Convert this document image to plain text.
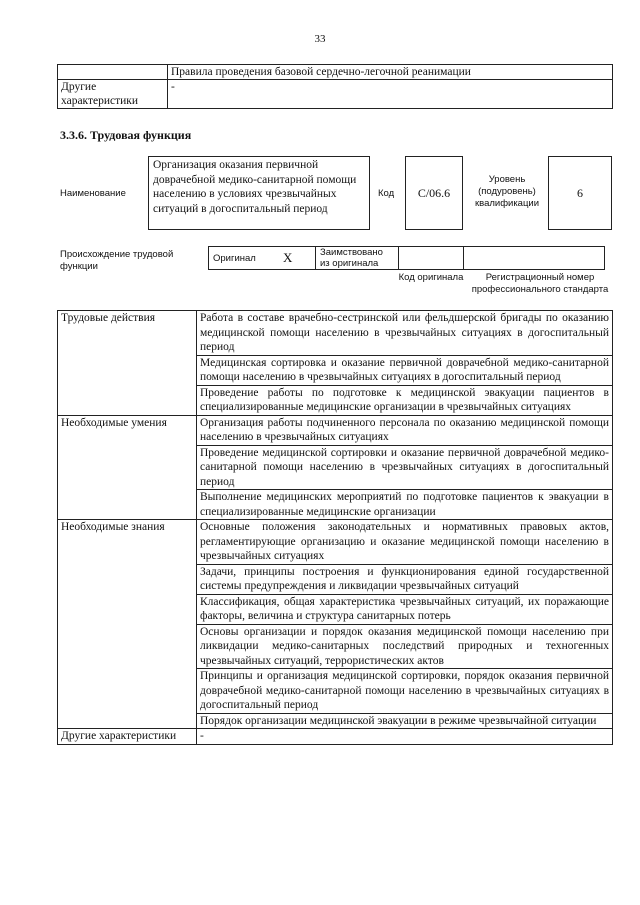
33
	Правила проведения базовой сердечно-легочной реанимации
Другие характеристики	-
3.3.6. Трудовая функция
Наименование
Организация оказания первичной доврачебной медико-санитарной помощи населению в условиях чрезвычайных ситуаций в догоспитальный период
Код	C/06.6
Уровень (подуровень) квалификации
6
Происхождение трудовой функции
Оригинал	X	Заимствовано из оригинала		
Код оригинала	Регистрационный номер профессионального стандарта
Трудовые действия	Работа в составе врачебно-сестринской или фельдшерской бригады по оказанию медицинской помощи населению в чрезвычайных ситуациях в догоспитальный период
	Медицинская сортировка и оказание первичной доврачебной медико-санитарной помощи населению в чрезвычайных ситуациях в догоспитальный период
	Проведение работы по подготовке к медицинской эвакуации пациентов в специализированные медицинские организации в чрезвычайных ситуациях
Необходимые умения	Организация работы подчиненного персонала по оказанию медицинской помощи населению в чрезвычайных ситуациях
	Проведение медицинской сортировки и оказание первичной доврачебной медико-санитарной помощи населению в чрезвычайных ситуациях в догоспитальный период
	Выполнение медицинских мероприятий по подготовке пациентов к эвакуации в специализированные медицинские организации
Необходимые знания	Основные положения законодательных и нормативных правовых актов, регламентирующие организацию и оказание медицинской помощи населению в чрезвычайных ситуациях
	Задачи, принципы построения и функционирования единой государственной системы предупреждения и ликвидации чрезвычайных ситуаций
	Классификация, общая характеристика чрезвычайных ситуаций, их поражающие факторы, величина и структура санитарных потерь
	Основы организации и порядок оказания медицинской помощи населению при ликвидации медико-санитарных последствий природных и техногенных чрезвычайных ситуаций, террористических актов
	Принципы и организация медицинской сортировки, порядок оказания первичной доврачебной медико-санитарной помощи населению в чрезвычайных ситуациях в догоспитальный период
	Порядок организации медицинской эвакуации в режиме чрезвычайной ситуации
Другие характеристики	-
